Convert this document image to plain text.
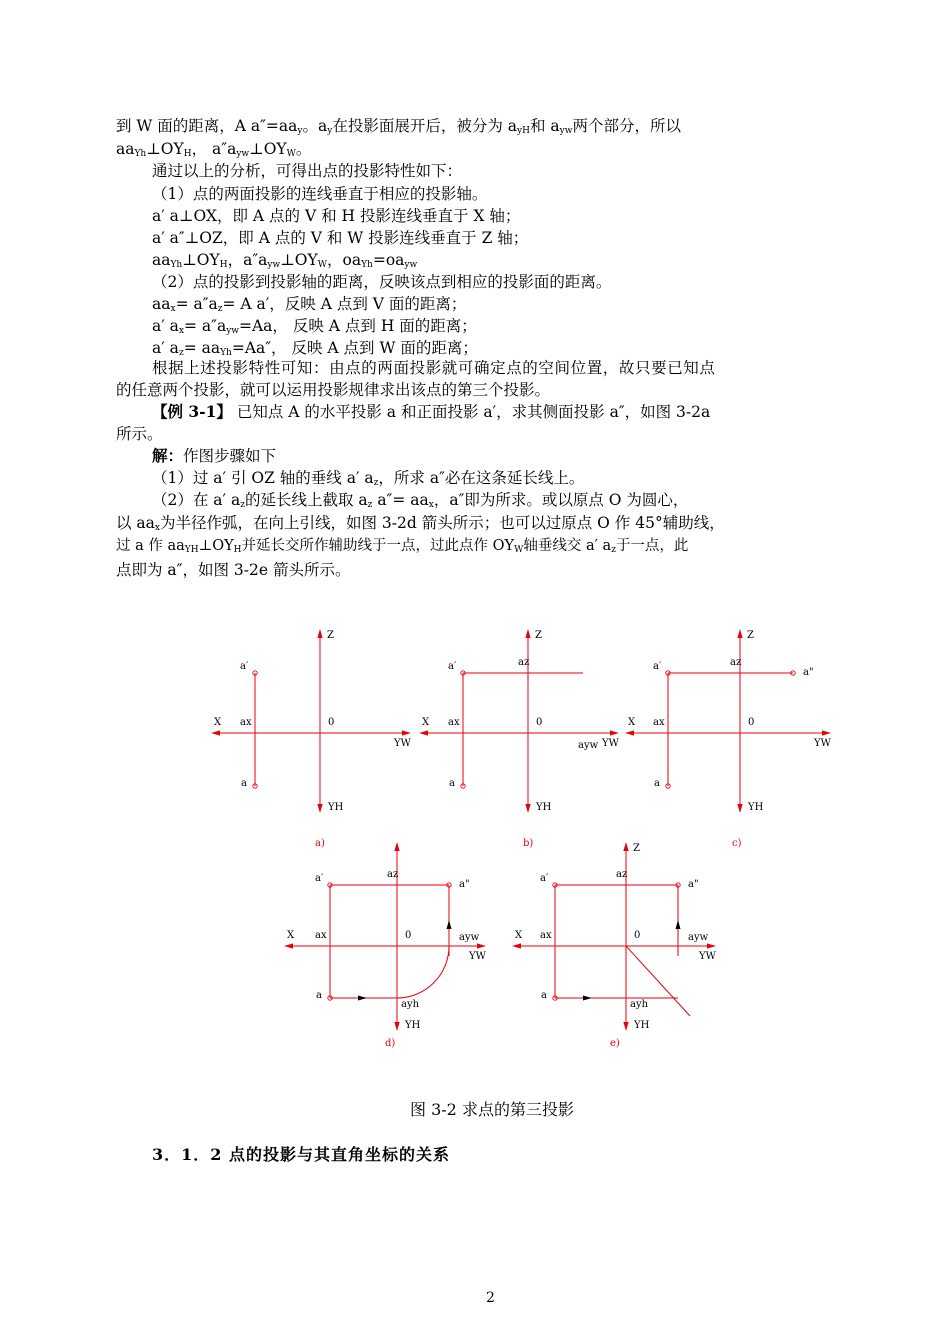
到 W 面的距离，A $a''=aa_y$。$a_y$在投影面展开后，被分为 $a_{yH}$和 $a_{yw}$两个部分，所以
$aa_{Yh}\perp OY_H$， $a''a_{yw}\perp OY_W$。
通过以上的分析，可得出点的投影特性如下：
（1）点的两面投影的连线垂直于相应的投影轴。
a′ a⊥OX，即 A 点的 V 和 H 投影连线垂直于 X 轴；
a′ a″⊥OZ，即 A 点的 V 和 W 投影连线垂直于 Z 轴；
$aa_{Yh}\perp OY_H$，$a''a_{yw}\perp OY_W$，$oa_{Yh}=oa_{yw}$
（2）点的投影到投影轴的距离，反映该点到相应的投影面的距离。
$aa_x= a''a_z= A$ a′，反映 A 点到 V 面的距离；
a′ $a_x= a''a_{yw}=Aa$， 反映 A 点到 H 面的距离；
a′ $a_z= aa_{Yh}=Aa''$， 反映 A 点到 W 面的距离；
根据上述投影特性可知：由点的两面投影就可确定点的空间位置，故只要已知点
的任意两个投影，就可以运用投影规律求出该点的第三个投影。
【例 3-1】 已知点 A 的水平投影 a 和正面投影 a′，求其侧面投影 a″，如图 3-2a
所示。
解：作图步骤如下
（1）过 a′ 引 OZ 轴的垂线 a′ $a_z$，所求 a″必在这条延长线上。
（2）在 a′ $a_z$的延长线上截取 $a_z$ $a''= aa_x$，a″即为所求。或以原点 O 为圆心，
以 $aa_x$为半径作弧，在向上引线，如图 3-2d 箭头所示；也可以过原点 O 作 45°辅助线，
过 a 作 $aa_{YH}\perp OY_H$并延长交所作辅助线于一点，过此点作 $OY_W$轴垂线交 a′ $a_z$于一点，此
点即为 a″，如图 3-2e 箭头所示。
Z
X	0
YW
YH
a′
a
ax
a)
Z
X	0
YW
YH
a′
a
ax
b)
az
ayw
Z
X	0
YW
YH
a′
a
ax
c)
az
a"
X	0
YW
YH
a′
a
ax
d)
az
a"
ayh
ayw
Z
X	0
YW
YH
a′
a
ax
e)
az
a"
ayh
ayw
图 3-2 求点的第三投影
3．1．2 点的投影与其直角坐标的关系
2
